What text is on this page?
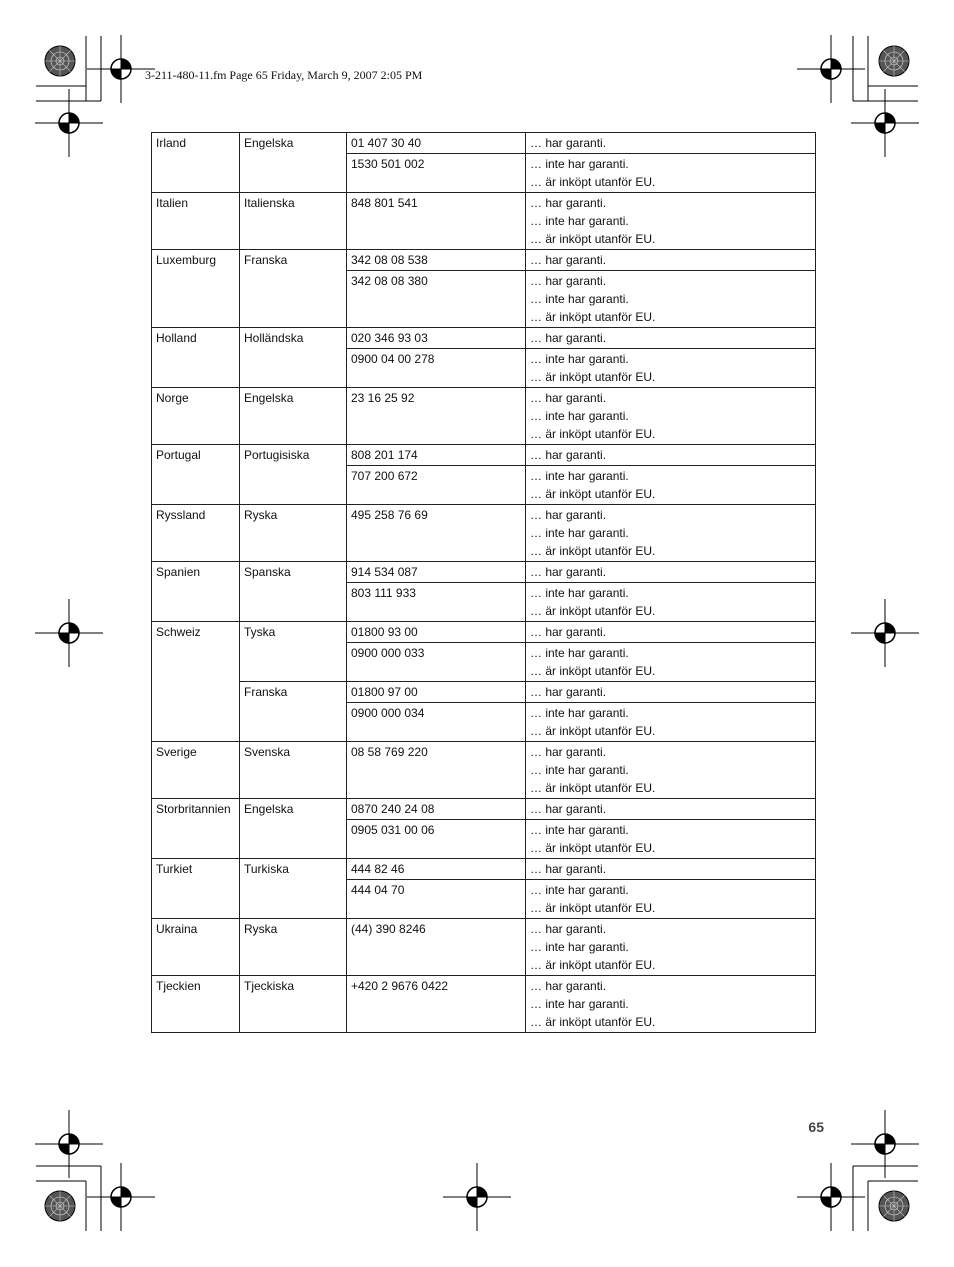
3-211-480-11.fm Page 65 Friday, March 9, 2007 2:05 PM
Irland	Engelska	01 407 30 40	… har garanti.

		1530 501 002	… inte har garanti.
… är inköpt utanför EU.

Italien	Italienska	848 801 541	… har garanti.
… inte har garanti.
… är inköpt utanför EU.

Luxemburg	Franska	342 08 08 538	… har garanti.

		342 08 08 380	… har garanti.
… inte har garanti.
… är inköpt utanför EU.

Holland	Holländska	020 346 93 03	… har garanti.

		0900 04 00 278	… inte har garanti.
… är inköpt utanför EU.

Norge	Engelska	23 16 25 92	… har garanti.
… inte har garanti.
… är inköpt utanför EU.

Portugal	Portugisiska	808 201 174	… har garanti.

		707 200 672	… inte har garanti.
… är inköpt utanför EU.

Ryssland	Ryska	495 258 76 69	… har garanti.
… inte har garanti.
… är inköpt utanför EU.

Spanien	Spanska	914 534 087	… har garanti.

		803 111 933	… inte har garanti.
… är inköpt utanför EU.

Schweiz	Tyska	01800 93 00	… har garanti.

		0900 000 033	… inte har garanti.
… är inköpt utanför EU.

	Franska	01800 97 00	… har garanti.

		0900 000 034	… inte har garanti.
… är inköpt utanför EU.

Sverige	Svenska	08 58 769 220	… har garanti.
… inte har garanti.
… är inköpt utanför EU.

Storbritannien	Engelska	0870 240 24 08	… har garanti.

		0905 031 00 06	… inte har garanti.
… är inköpt utanför EU.

Turkiet	Turkiska	444 82 46	… har garanti.

		444 04 70	… inte har garanti.
… är inköpt utanför EU.

Ukraina	Ryska	(44) 390 8246	… har garanti.
… inte har garanti.
… är inköpt utanför EU.

Tjeckien	Tjeckiska	+420 2 9676 0422	… har garanti.
… inte har garanti.
… är inköpt utanför EU.
65
